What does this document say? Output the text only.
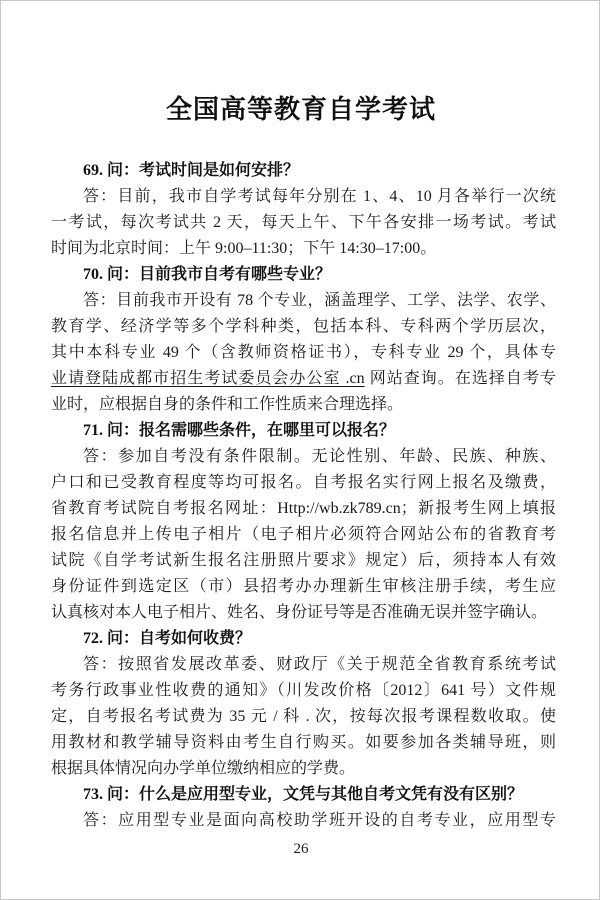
全国高等教育自学考试
69. 问：考试时间是如何安排？
答：目前，我市自学考试每年分别在 1、4、10 月各举行一次统
一考试，每次考试共 2 天，每天上午、下午各安排一场考试。考试
时间为北京时间：上午 9:00–11:30；下午 14:30–17:00。
70. 问：目前我市自考有哪些专业？
答：目前我市开设有 78 个专业，涵盖理学、工学、法学、农学、
教育学、经济学等多个学科种类，包括本科、专科两个学历层次，
其中本科专业 49 个（含教师资格证书），专科专业 29 个，具体专
业请登陆成都市招生考试委员会办公室 .cn 网站查询。在选择自考专
业时，应根据自身的条件和工作性质来合理选择。
71. 问：报名需哪些条件，在哪里可以报名？
答：参加自考没有条件限制。无论性别、年龄、民族、种族、
户口和已受教育程度等均可报名。自考报名实行网上报名及缴费，
省教育考试院自考报名网址：Http://wb.zk789.cn；新报考生网上填报
报名信息并上传电子相片（电子相片必须符合网站公布的省教育考
试院《自学考试新生报名注册照片要求》规定）后，须持本人有效
身份证件到选定区（市）县招考办办理新生审核注册手续，考生应
认真核对本人电子相片、姓名、身份证号等是否准确无误并签字确认。
72. 问：自考如何收费？
答：按照省发展改革委、财政厅《关于规范全省教育系统考试
考务行政事业性收费的通知》（川发改价格〔2012〕641 号）文件规
定，自考报名考试费为 35 元 / 科 . 次，按每次报考课程数收取。使
用教材和教学辅导资料由考生自行购买。如要参加各类辅导班，则
根据具体情况向办学单位缴纳相应的学费。
73. 问：什么是应用型专业，文凭与其他自考文凭有没有区别？
答：应用型专业是面向高校助学班开设的自考专业，应用型专
26
